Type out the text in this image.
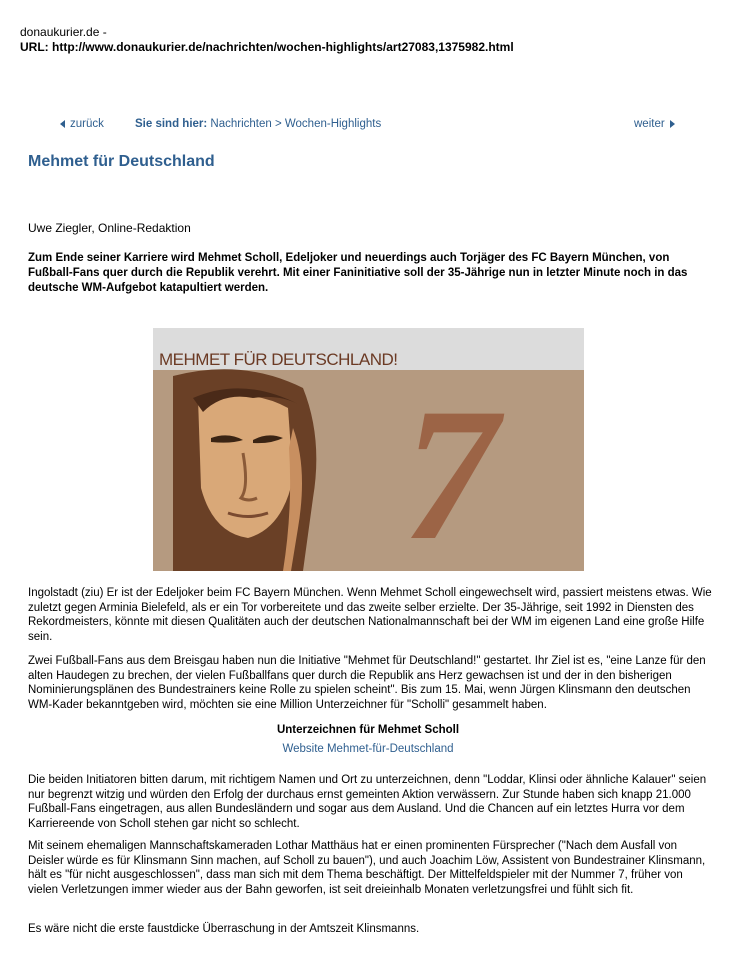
donaukurier.de -
URL: http://www.donaukurier.de/nachrichten/wochen-highlights/art27083,1375982.html
zurück	Sie sind hier: Nachrichten > Wochen-Highlights	weiter
Mehmet für Deutschland
Uwe Ziegler, Online-Redaktion
Zum Ende seiner Karriere wird Mehmet Scholl, Edeljoker und neuerdings auch Torjäger des FC Bayern München, von Fußball-Fans quer durch die Republik verehrt. Mit einer Faninitiative soll der 35-Jährige nun in letzter Minute noch in das deutsche WM-Aufgebot katapultiert werden.
MEHMET FÜR DEUTSCHLAND!
7
Ingolstadt (ziu) Er ist der Edeljoker beim FC Bayern München. Wenn Mehmet Scholl eingewechselt wird, passiert meistens etwas. Wie zuletzt gegen Arminia Bielefeld, als er ein Tor vorbereitete und das zweite selber erzielte. Der 35-Jährige, seit 1992 in Diensten des Rekordmeisters, könnte mit diesen Qualitäten auch der deutschen Nationalmannschaft bei der WM im eigenen Land eine große Hilfe sein.
Zwei Fußball-Fans aus dem Breisgau haben nun die Initiative "Mehmet für Deutschland!" gestartet. Ihr Ziel ist es, "eine Lanze für den alten Haudegen zu brechen, der vielen Fußballfans quer durch die Republik ans Herz gewachsen ist und der in den bisherigen Nominierungsplänen des Bundestrainers keine Rolle zu spielen scheint". Bis zum 15. Mai, wenn Jürgen Klinsmann den deutschen WM-Kader bekanntgeben wird, möchten sie eine Million Unterzeichner für "Scholli" gesammelt haben.
Unterzeichnen für Mehmet Scholl
Website Mehmet-für-Deutschland
Die beiden Initiatoren bitten darum, mit richtigem Namen und Ort zu unterzeichnen, denn "Loddar, Klinsi oder ähnliche Kalauer" seien nur begrenzt witzig und würden den Erfolg der durchaus ernst gemeinten Aktion verwässern. Zur Stunde haben sich knapp 21.000 Fußball-Fans eingetragen, aus allen Bundesländern und sogar aus dem Ausland. Und die Chancen auf ein letztes Hurra vor dem Karriereende von Scholl stehen gar nicht so schlecht.
Mit seinem ehemaligen Mannschaftskameraden Lothar Matthäus hat er einen prominenten Fürsprecher ("Nach dem Ausfall von Deisler würde es für Klinsmann Sinn machen, auf Scholl zu bauen"), und auch Joachim Löw, Assistent von Bundestrainer Klinsmann, hält es "für nicht ausgeschlossen", dass man sich mit dem Thema beschäftigt. Der Mittelfeldspieler mit der Nummer 7, früher von vielen Verletzungen immer wieder aus der Bahn geworfen, ist seit dreieinhalb Monaten verletzungsfrei und fühlt sich fit.
Es wäre nicht die erste faustdicke Überraschung in der Amtszeit Klinsmanns.
